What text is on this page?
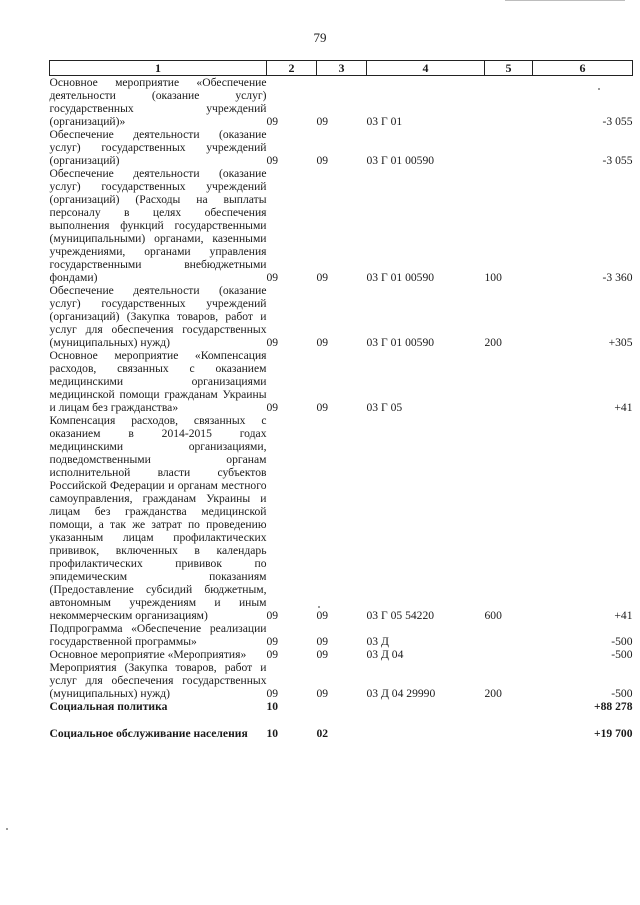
79
1	2	3	4	5	6
Основное мероприятие «Обеспечение деятельности (оказание услуг) государственных учреждений (организаций)»	09	09	03 Г 01		-3 055
Обеспечение деятельности (оказание услуг) государственных учреждений (организаций)	09	09	03 Г 01 00590		-3 055
Обеспечение деятельности (оказание услуг) государственных учреждений (организаций) (Расходы на выплаты персоналу в целях обеспечения выполнения функций государственными (муниципальными) органами, казенными учреждениями, органами управления государственными внебюджетными фондами)	09	09	03 Г 01 00590	100	-3 360
Обеспечение деятельности (оказание услуг) государственных учреждений (организаций) (Закупка товаров, работ и услуг для обеспечения государственных (муниципальных) нужд)	09	09	03 Г 01 00590	200	+305
Основное мероприятие «Компенсация расходов, связанных с оказанием медицинскими организациями медицинской помощи гражданам Украины и лицам без гражданства»	09	09	03 Г 05		+41
Компенсация расходов, связанных с оказанием в 2014-2015 годах медицинскими организациями, подведомственными органам исполнительной власти субъектов Российской Федерации и органам местного самоуправления, гражданам Украины и лицам без гражданства медицинской помощи, а так же затрат по проведению указанным лицам профилактических прививок, включенных в календарь профилактических прививок по эпидемическим показаниям (Предоставление субсидий бюджетным, автономным учреждениям и иным некоммерческим организациям)	09	09	03 Г 05 54220	600	+41
Подпрограмма «Обеспечение реализации государственной программы»	09	09	03 Д		-500
Основное мероприятие «Мероприятия»	09	09	03 Д 04		-500
Мероприятия (Закупка товаров, работ и услуг для обеспечения государственных (муниципальных) нужд)	09	09	03 Д 04 29990	200	-500
Социальная политика	10				+88 278
Социальное обслуживание населения	10	02			+19 700
